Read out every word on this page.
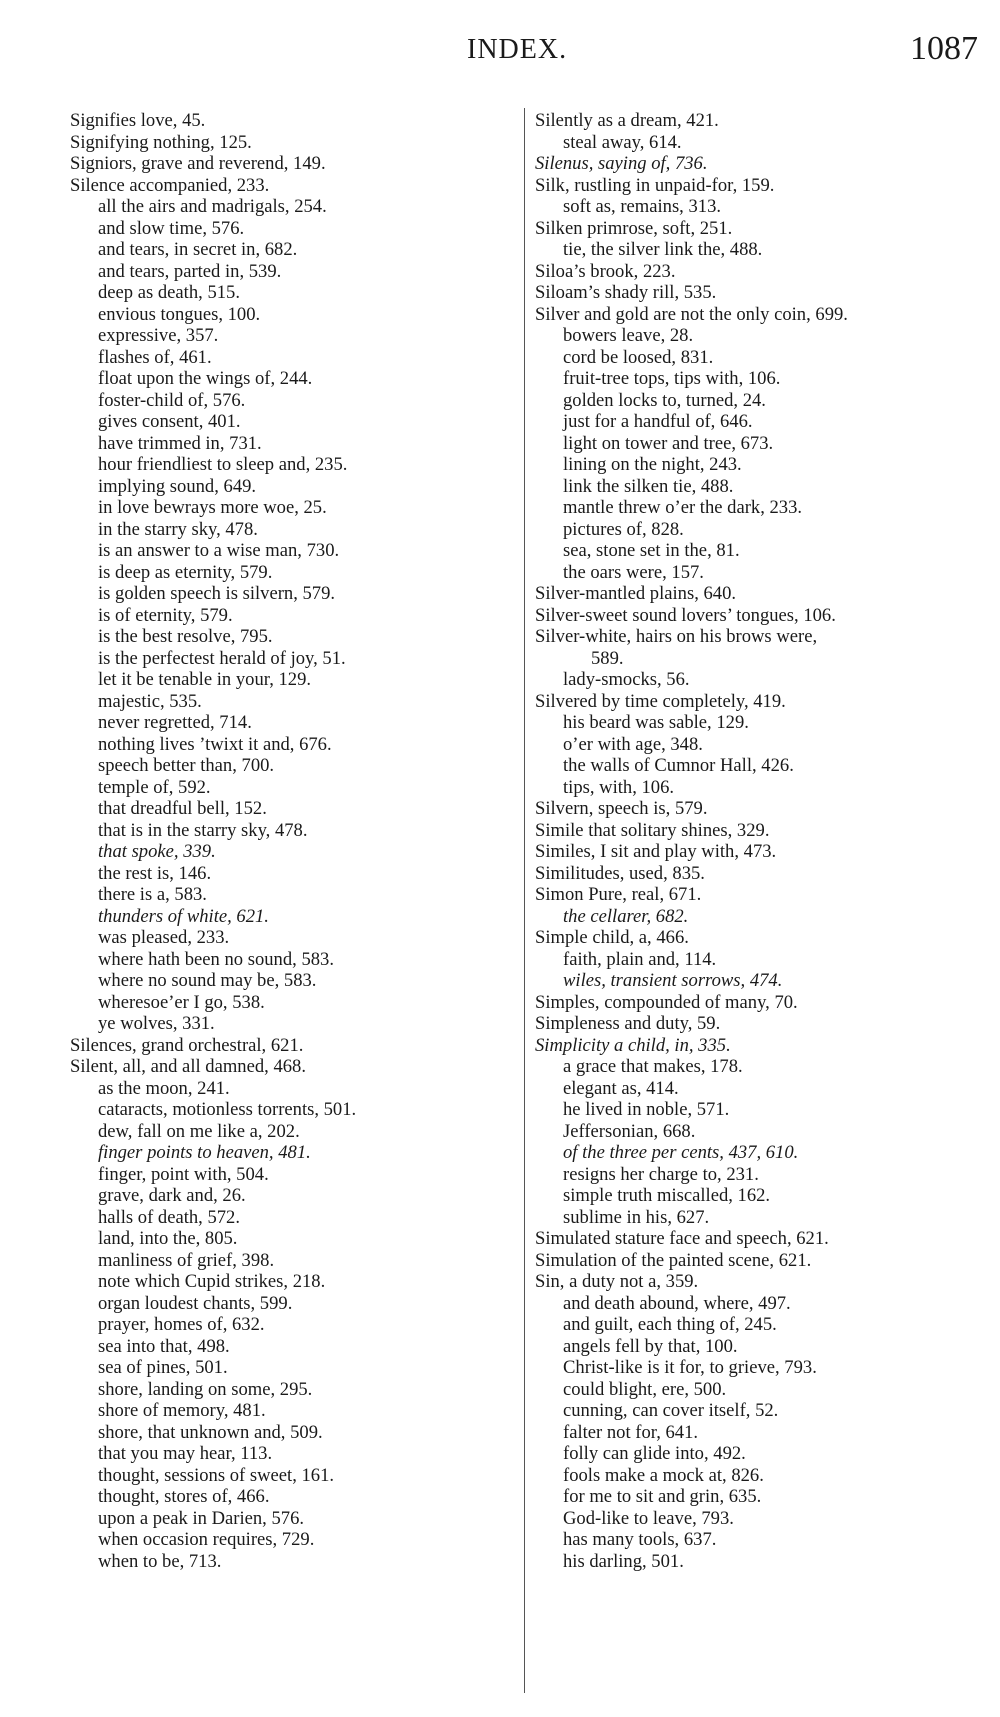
INDEX.	1087
Signifies love, 45.
Signifying nothing, 125.
Signiors, grave and reverend, 149.
Silence accompanied, 233.
all the airs and madrigals, 254.
and slow time, 576.
and tears, in secret in, 682.
and tears, parted in, 539.
deep as death, 515.
envious tongues, 100.
expressive, 357.
flashes of, 461.
float upon the wings of, 244.
foster-child of, 576.
gives consent, 401.
have trimmed in, 731.
hour friendliest to sleep and, 235.
implying sound, 649.
in love bewrays more woe, 25.
in the starry sky, 478.
is an answer to a wise man, 730.
is deep as eternity, 579.
is golden speech is silvern, 579.
is of eternity, 579.
is the best resolve, 795.
is the perfectest herald of joy, 51.
let it be tenable in your, 129.
majestic, 535.
never regretted, 714.
nothing lives ’twixt it and, 676.
speech better than, 700.
temple of, 592.
that dreadful bell, 152.
that is in the starry sky, 478.
that spoke, 339.
the rest is, 146.
there is a, 583.
thunders of white, 621.
was pleased, 233.
where hath been no sound, 583.
where no sound may be, 583.
wheresoe’er I go, 538.
ye wolves, 331.
Silences, grand orchestral, 621.
Silent, all, and all damned, 468.
as the moon, 241.
cataracts, motionless torrents, 501.
dew, fall on me like a, 202.
finger points to heaven, 481.
finger, point with, 504.
grave, dark and, 26.
halls of death, 572.
land, into the, 805.
manliness of grief, 398.
note which Cupid strikes, 218.
organ loudest chants, 599.
prayer, homes of, 632.
sea into that, 498.
sea of pines, 501.
shore, landing on some, 295.
shore of memory, 481.
shore, that unknown and, 509.
that you may hear, 113.
thought, sessions of sweet, 161.
thought, stores of, 466.
upon a peak in Darien, 576.
when occasion requires, 729.
when to be, 713.
Silently as a dream, 421.
steal away, 614.
Silenus, saying of, 736.
Silk, rustling in unpaid-for, 159.
soft as, remains, 313.
Silken primrose, soft, 251.
tie, the silver link the, 488.
Siloa’s brook, 223.
Siloam’s shady rill, 535.
Silver and gold are not the only coin, 699.
bowers leave, 28.
cord be loosed, 831.
fruit-tree tops, tips with, 106.
golden locks to, turned, 24.
just for a handful of, 646.
light on tower and tree, 673.
lining on the night, 243.
link the silken tie, 488.
mantle threw o’er the dark, 233.
pictures of, 828.
sea, stone set in the, 81.
the oars were, 157.
Silver-mantled plains, 640.
Silver-sweet sound lovers’ tongues, 106.
Silver-white, hairs on his brows were,
589.
lady-smocks, 56.
Silvered by time completely, 419.
his beard was sable, 129.
o’er with age, 348.
the walls of Cumnor Hall, 426.
tips, with, 106.
Silvern, speech is, 579.
Simile that solitary shines, 329.
Similes, I sit and play with, 473.
Similitudes, used, 835.
Simon Pure, real, 671.
the cellarer, 682.
Simple child, a, 466.
faith, plain and, 114.
wiles, transient sorrows, 474.
Simples, compounded of many, 70.
Simpleness and duty, 59.
Simplicity a child, in, 335.
a grace that makes, 178.
elegant as, 414.
he lived in noble, 571.
Jeffersonian, 668.
of the three per cents, 437, 610.
resigns her charge to, 231.
simple truth miscalled, 162.
sublime in his, 627.
Simulated stature face and speech, 621.
Simulation of the painted scene, 621.
Sin, a duty not a, 359.
and death abound, where, 497.
and guilt, each thing of, 245.
angels fell by that, 100.
Christ-like is it for, to grieve, 793.
could blight, ere, 500.
cunning, can cover itself, 52.
falter not for, 641.
folly can glide into, 492.
fools make a mock at, 826.
for me to sit and grin, 635.
God-like to leave, 793.
has many tools, 637.
his darling, 501.
